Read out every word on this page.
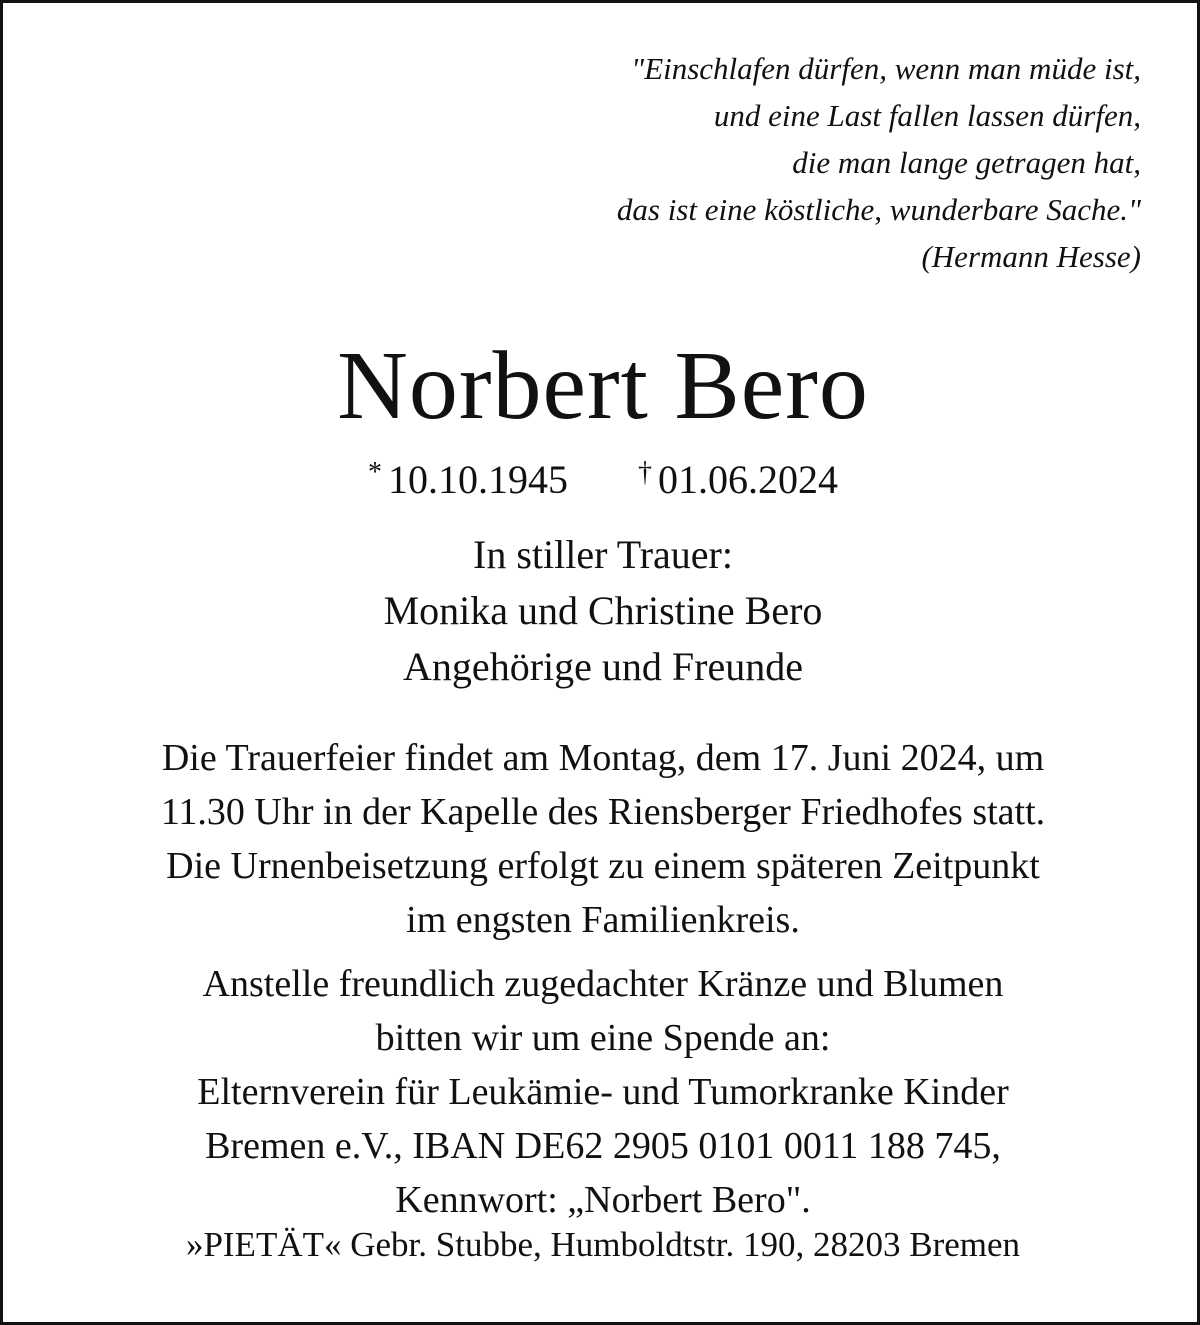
"Einschlafen dürfen, wenn man müde ist,
und eine Last fallen lassen dürfen,
die man lange getragen hat,
das ist eine köstliche, wunderbare Sache."
(Hermann Hesse)
Norbert Bero
* 10.10.1945	† 01.06.2024
In stiller Trauer:
Monika und Christine Bero
Angehörige und Freunde
Die Trauerfeier findet am Montag, dem 17. Juni 2024, um
11.30 Uhr in der Kapelle des Riensberger Friedhofes statt.
Die Urnenbeisetzung erfolgt zu einem späteren Zeitpunkt
im engsten Familienkreis.
Anstelle freundlich zugedachter Kränze und Blumen
bitten wir um eine Spende an:
Elternverein für Leukämie- und Tumorkranke Kinder
Bremen e.V., IBAN DE62 2905 0101 0011 188 745,
Kennwort: „Norbert Bero".
»PIETÄT« Gebr. Stubbe, Humboldtstr. 190, 28203 Bremen
